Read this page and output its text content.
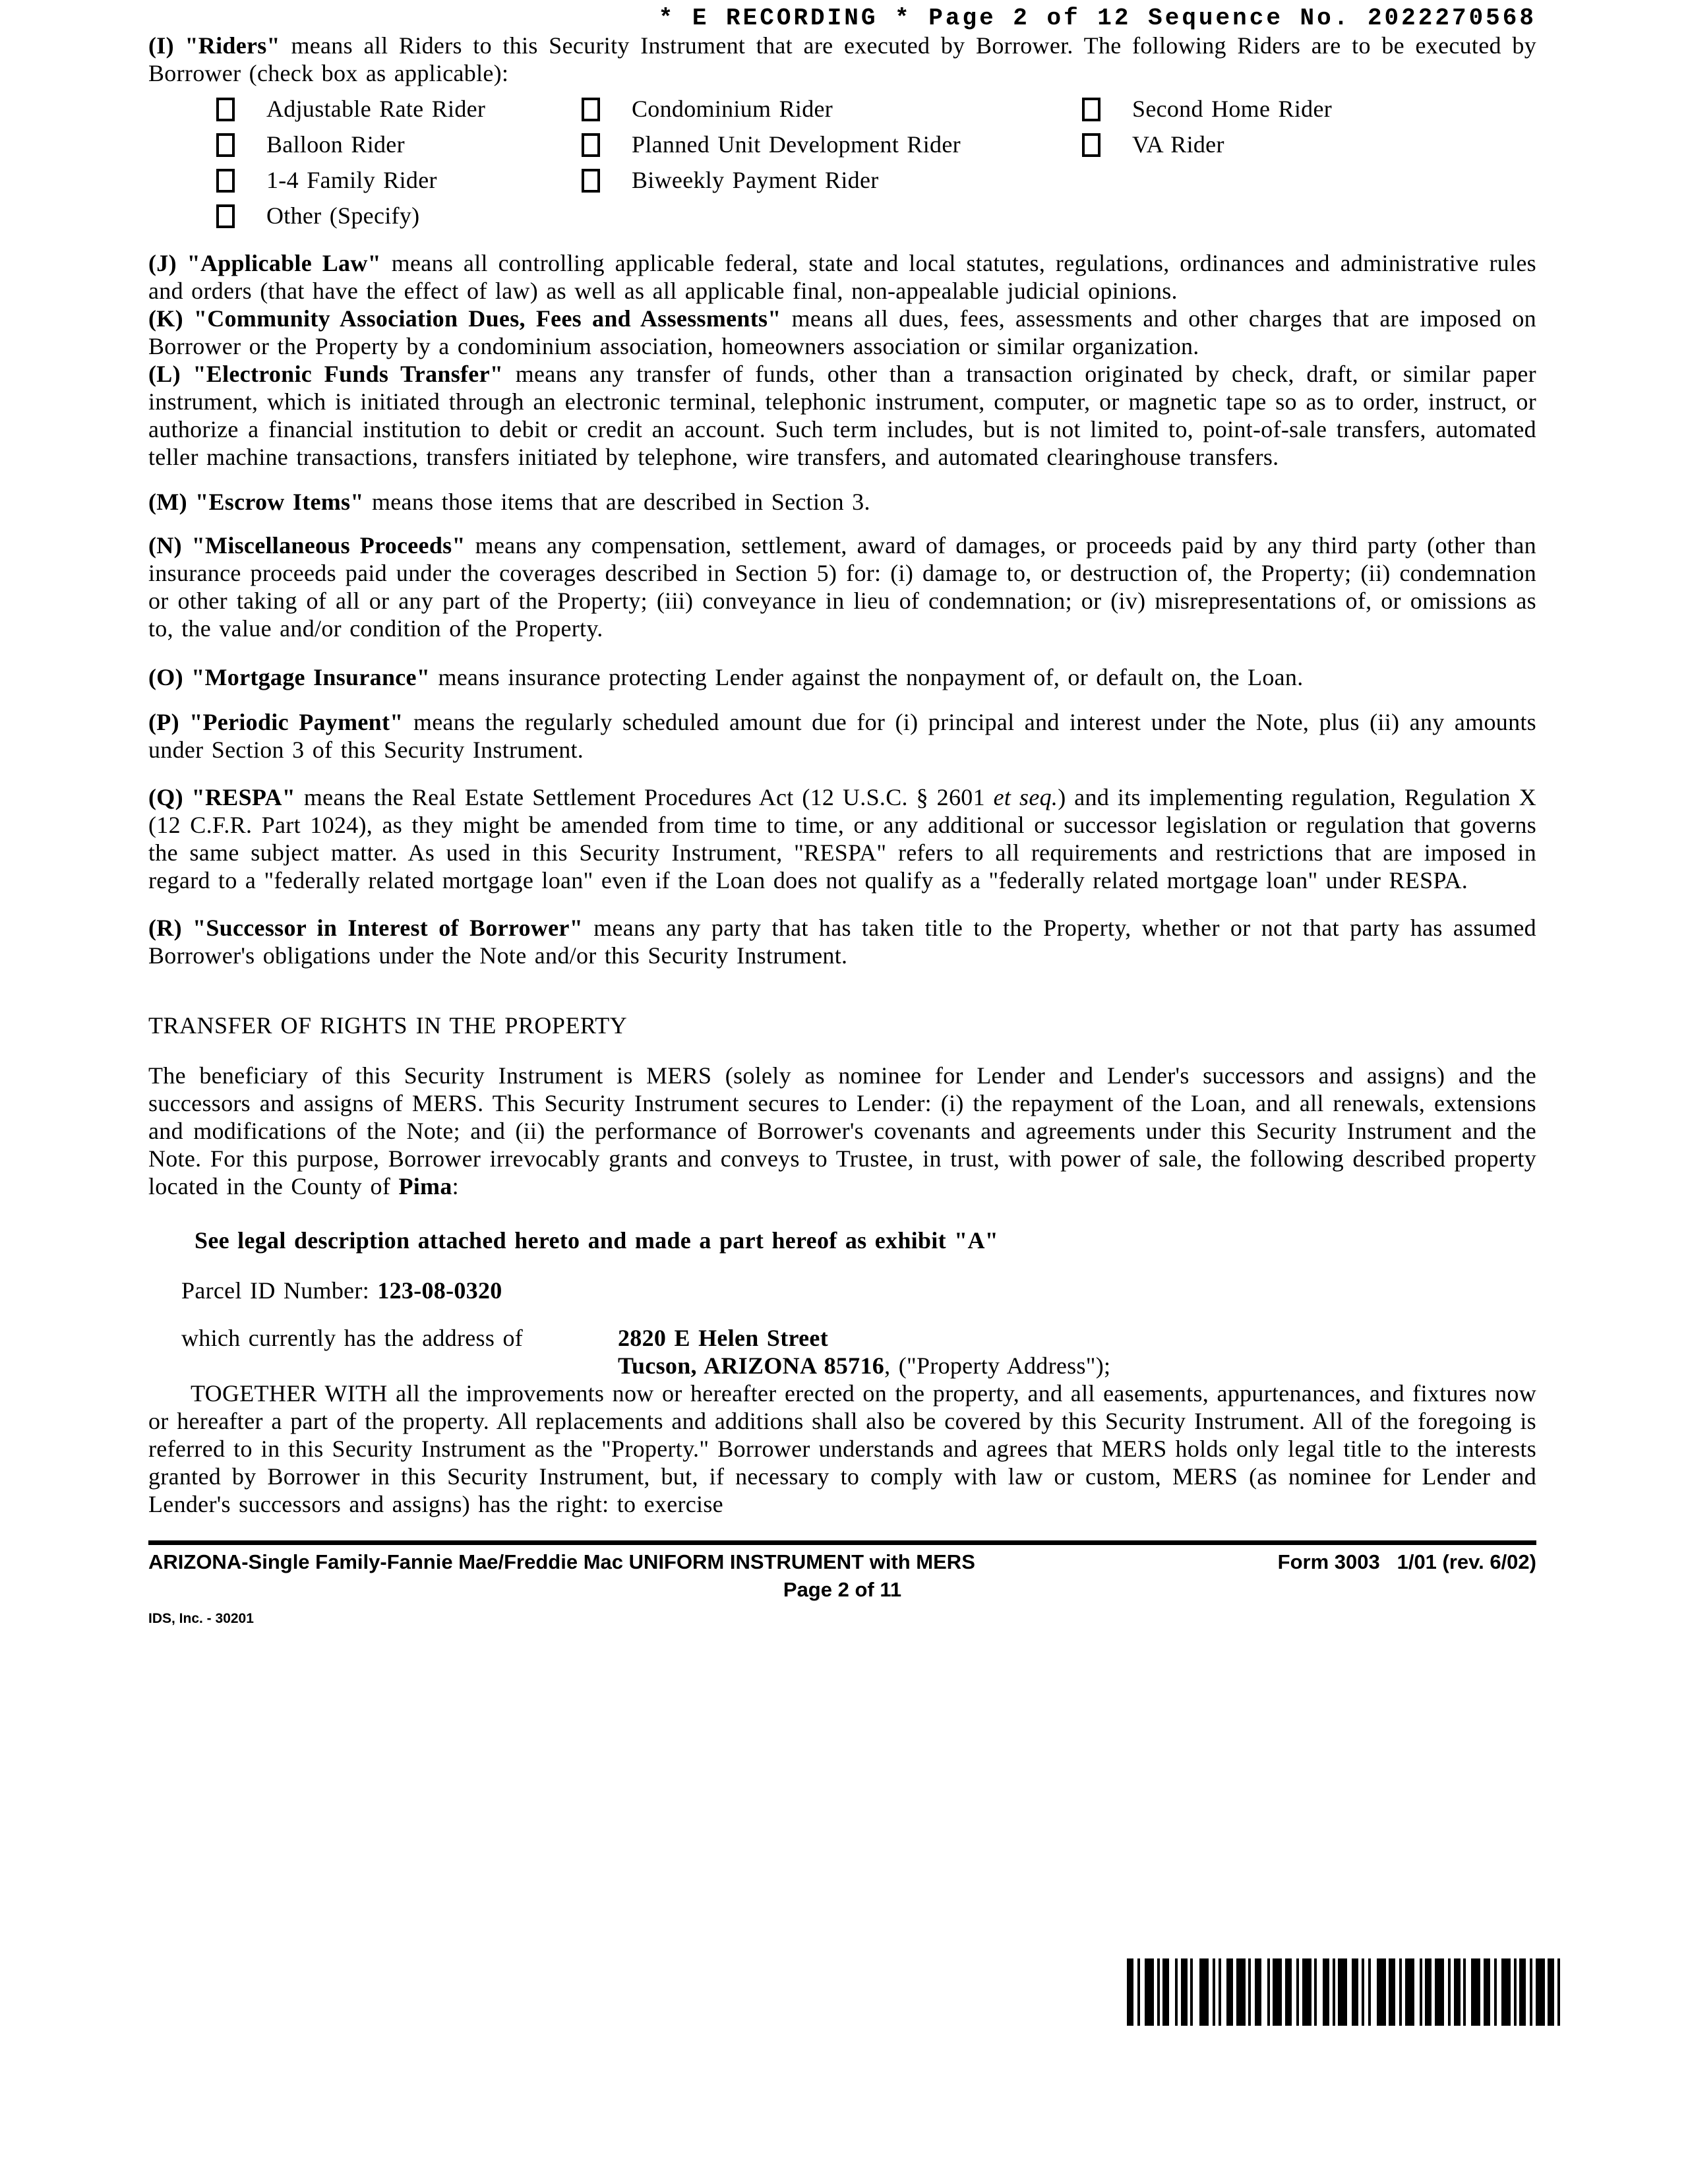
* E RECORDING * Page 2 of 12 Sequence No. 2022270568

(I) "Riders" means all Riders to this Security Instrument that are executed by Borrower. The following Riders are to be executed by Borrower (check box as applicable):

Adjustable Rate Rider	Condominium Rider	Second Home Rider
Balloon Rider	Planned Unit Development Rider	VA Rider
1-4 Family Rider	Biweekly Payment Rider
Other (Specify)

(J) "Applicable Law" means all controlling applicable federal, state and local statutes, regulations, ordinances and administrative rules and orders (that have the effect of law) as well as all applicable final, non-appealable judicial opinions.

(K) "Community Association Dues, Fees and Assessments" means all dues, fees, assessments and other charges that are imposed on Borrower or the Property by a condominium association, homeowners association or similar organization.

(L) "Electronic Funds Transfer" means any transfer of funds, other than a transaction originated by check, draft, or similar paper instrument, which is initiated through an electronic terminal, telephonic instrument, computer, or magnetic tape so as to order, instruct, or authorize a financial institution to debit or credit an account. Such term includes, but is not limited to, point-of-sale transfers, automated teller machine transactions, transfers initiated by telephone, wire transfers, and automated clearinghouse transfers.

(M) "Escrow Items" means those items that are described in Section 3.

(N) "Miscellaneous Proceeds" means any compensation, settlement, award of damages, or proceeds paid by any third party (other than insurance proceeds paid under the coverages described in Section 5) for: (i) damage to, or destruction of, the Property; (ii) condemnation or other taking of all or any part of the Property; (iii) conveyance in lieu of condemnation; or (iv) misrepresentations of, or omissions as to, the value and/or condition of the Property.

(O) "Mortgage Insurance" means insurance protecting Lender against the nonpayment of, or default on, the Loan.

(P) "Periodic Payment" means the regularly scheduled amount due for (i) principal and interest under the Note, plus (ii) any amounts under Section 3 of this Security Instrument.

(Q) "RESPA" means the Real Estate Settlement Procedures Act (12 U.S.C. § 2601 et seq.) and its implementing regulation, Regulation X (12 C.F.R. Part 1024), as they might be amended from time to time, or any additional or successor legislation or regulation that governs the same subject matter. As used in this Security Instrument, "RESPA" refers to all requirements and restrictions that are imposed in regard to a "federally related mortgage loan" even if the Loan does not qualify as a "federally related mortgage loan" under RESPA.

(R) "Successor in Interest of Borrower" means any party that has taken title to the Property, whether or not that party has assumed Borrower's obligations under the Note and/or this Security Instrument.

TRANSFER OF RIGHTS IN THE PROPERTY

The beneficiary of this Security Instrument is MERS (solely as nominee for Lender and Lender's successors and assigns) and the successors and assigns of MERS. This Security Instrument secures to Lender: (i) the repayment of the Loan, and all renewals, extensions and modifications of the Note; and (ii) the performance of Borrower's covenants and agreements under this Security Instrument and the Note. For this purpose, Borrower irrevocably grants and conveys to Trustee, in trust, with power of sale, the following described property located in the County of Pima:

See legal description attached hereto and made a part hereof as exhibit "A"
Parcel ID Number: 123-08-0320
which currently has the address of	2820 E Helen Street
Tucson, ARIZONA 85716, ("Property Address");

TOGETHER WITH all the improvements now or hereafter erected on the property, and all easements, appurtenances, and fixtures now or hereafter a part of the property. All replacements and additions shall also be covered by this Security Instrument. All of the foregoing is referred to in this Security Instrument as the "Property." Borrower understands and agrees that MERS holds only legal title to the interests granted by Borrower in this Security Instrument, but, if necessary to comply with law or custom, MERS (as nominee for Lender and Lender's successors and assigns) has the right: to exercise

ARIZONA-Single Family-Fannie Mae/Freddie Mac UNIFORM INSTRUMENT with MERS	Form 3003   1/01 (rev. 6/02)
Page 2 of 11
IDS, Inc. - 30201
